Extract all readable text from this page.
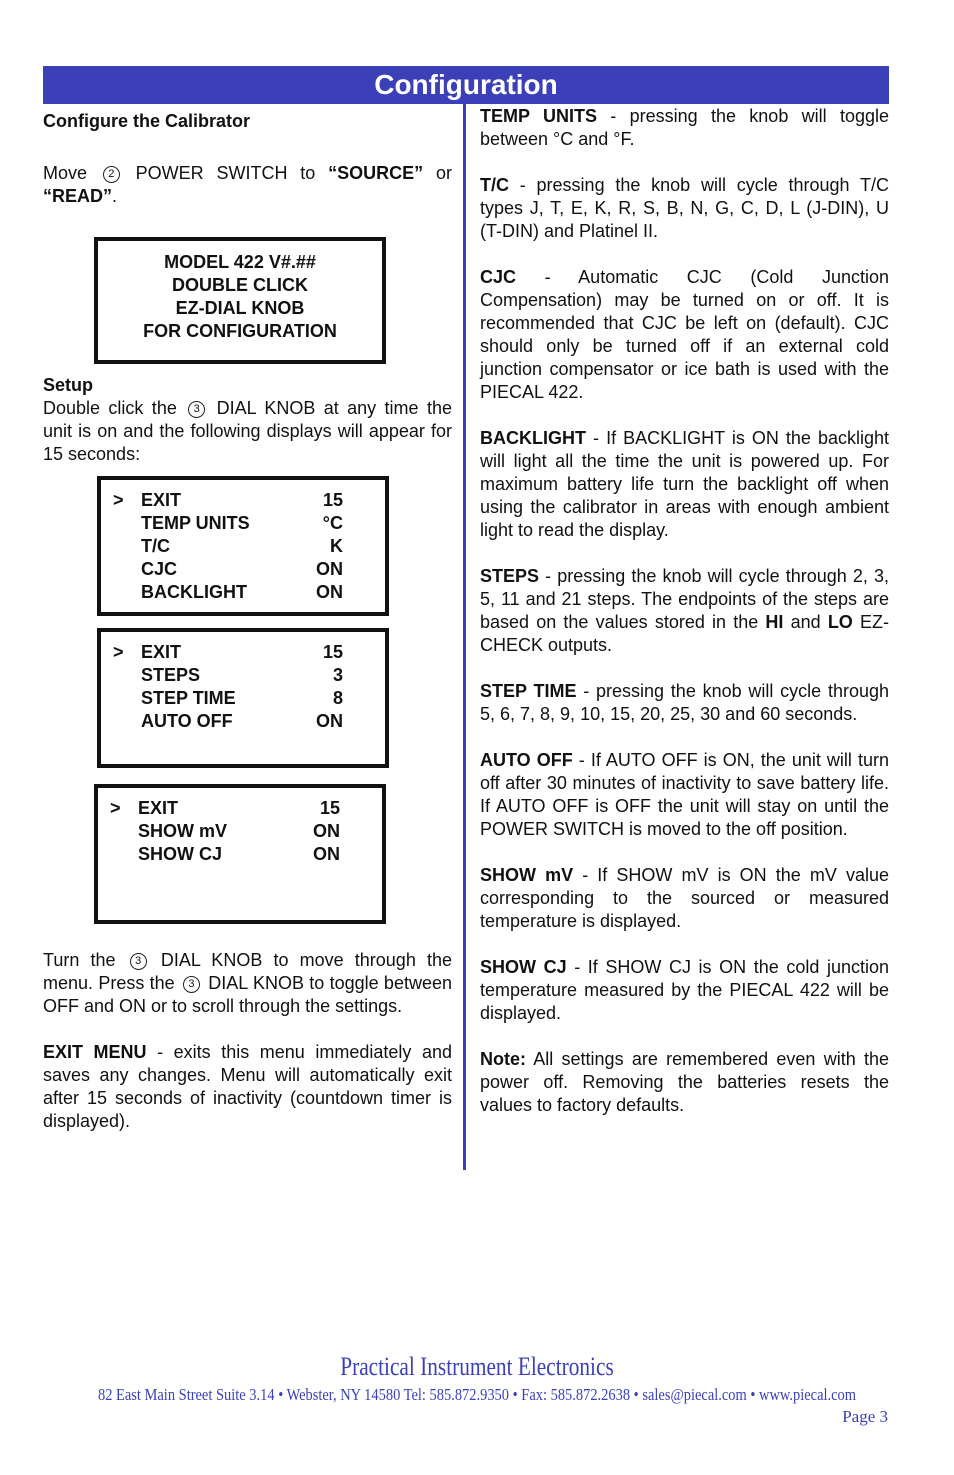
Configuration

Configure the Calibrator

Move 2 POWER SWITCH to “SOURCE” or “READ”.

MODEL 422 V#.##
DOUBLE CLICK
EZ-DIAL KNOB
FOR CONFIGURATION

Setup

Double click the 3 DIAL KNOB at any time the unit is on and the following displays will appear for 15 seconds:

> EXIT	15
TEMP UNITS	°C
T/C	K
CJC	ON
BACKLIGHT	ON
> EXIT	15
STEPS	3
STEP TIME	8
AUTO OFF	ON
> EXIT	15
SHOW mV	ON
SHOW CJ	ON

Turn the 3 DIAL KNOB to move through the menu. Press the 3 DIAL KNOB to toggle between OFF and ON or to scroll through the settings.

EXIT MENU - exits this menu immediately and saves any changes. Menu will automatically exit after 15 seconds of inactivity (countdown timer is displayed).

TEMP UNITS - pressing the knob will toggle between °C and °F.

T/C - pressing the knob will cycle through T/C types J, T, E, K, R, S, B, N, G, C, D, L (J-DIN), U (T-DIN) and Platinel II.

CJC - Automatic CJC (Cold Junction Compensation) may be turned on or off. It is recommended that CJC be left on (default). CJC should only be turned off if an external cold junction compensator or ice bath is used with the PIECAL 422.

BACKLIGHT - If BACKLIGHT is ON the backlight will light all the time the unit is powered up. For maximum battery life turn the backlight off when using the calibrator in areas with enough ambient light to read the display.

STEPS - pressing the knob will cycle through 2, 3, 5, 11 and 21 steps. The endpoints of the steps are based on the values stored in the HI and LO EZ-CHECK outputs.

STEP TIME - pressing the knob will cycle through 5, 6, 7, 8, 9, 10, 15, 20, 25, 30 and 60 seconds.

AUTO OFF - If AUTO OFF is ON, the unit will turn off after 30 minutes of inactivity to save battery life. If AUTO OFF is OFF the unit will stay on until the POWER SWITCH is moved to the off position.

SHOW mV - If SHOW mV is ON the mV value corresponding to the sourced or measured temperature is displayed.

SHOW CJ - If SHOW CJ is ON the cold junction temperature measured by the PIECAL 422 will be displayed.

Note: All settings are remembered even with the power off. Removing the batteries resets the values to factory defaults.

Practical Instrument Electronics
82 East Main Street Suite 3.14 • Webster, NY 14580 Tel: 585.872.9350 • Fax: 585.872.2638 • sales@piecal.com • www.piecal.com
Page 3
